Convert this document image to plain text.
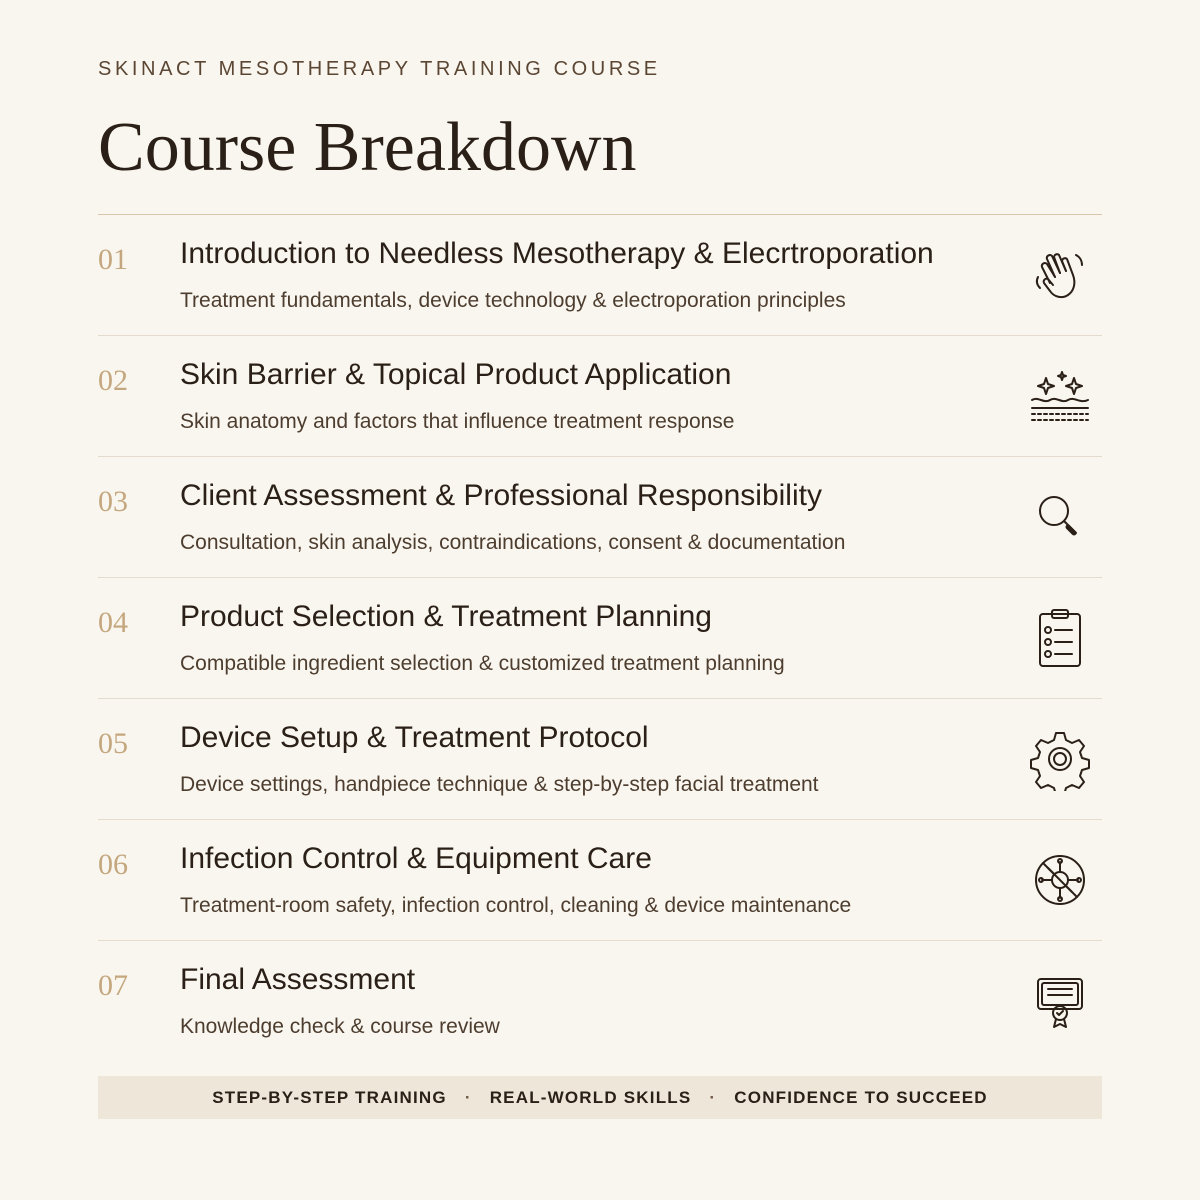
SKINACT MESOTHERAPY TRAINING COURSE
Course Breakdown
01 Introduction to Needless Mesotherapy & Elecrtroporation
Treatment fundamentals, device technology & electroporation principles
02 Skin Barrier & Topical Product Application
Skin anatomy and factors that influence treatment response
03 Client Assessment & Professional Responsibility
Consultation, skin analysis, contraindications, consent & documentation
04 Product Selection & Treatment Planning
Compatible ingredient selection & customized treatment planning
05 Device Setup & Treatment Protocol
Device settings, handpiece technique & step-by-step facial treatment
06 Infection Control & Equipment Care
Treatment-room safety, infection control, cleaning & device maintenance
07 Final Assessment
Knowledge check & course review
STEP-BY-STEP TRAINING · REAL-WORLD SKILLS · CONFIDENCE TO SUCCEED
